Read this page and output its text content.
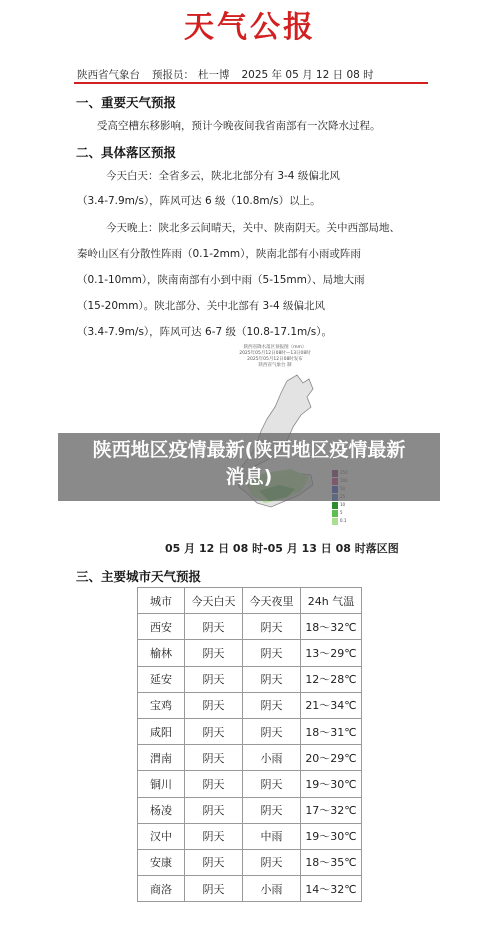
天气公报
陕西省气象台 预报员： 杜一博 2025 年 05 月 12 日 08 时
一、重要天气预报
受高空槽东移影响，预计今晚夜间我省南部有一次降水过程。
二、具体落区预报
今天白天：全省多云，陕北北部分有 3-4 级偏北风
（3.4-7.9m/s），阵风可达 6 级（10.8m/s）以上。
今天晚上：陕北多云间晴天，关中、陕南阴天。关中西部局地、
秦岭山区有分散性阵雨（0.1-2mm），陕南北部有小雨或阵雨
（0.1-10mm），陕南南部有小到中雨（5-15mm）、局地大雨
（15-20mm）。陕北部分、关中北部有 3-4 级偏北风
（3.4-7.9m/s），阵风可达 6-7 级（10.8-17.1m/s）。
陕西省降水落区预报图（mm）
2025年05月12日08时—13日08时
2025年05月12日08时发布
陕西省气象台 制
10
5
0.1
05 月 12 日 08 时-05 月 13 日 08 时落区图
陕西地区疫情最新(陕西地区疫情最新
消息)
三、主要城市天气预报
城市	今天白天	今天夜里	24h 气温
西安	阴天	阴天	18～32℃
榆林	阴天	阴天	13～29℃
延安	阴天	阴天	12～28℃
宝鸡	阴天	阴天	21～34℃
咸阳	阴天	阴天	18～31℃
渭南	阴天	小雨	20～29℃
铜川	阴天	阴天	19～30℃
杨凌	阴天	阴天	17～32℃
汉中	阴天	中雨	19～30℃
安康	阴天	阴天	18～35℃
商洛	阴天	小雨	14～32℃
